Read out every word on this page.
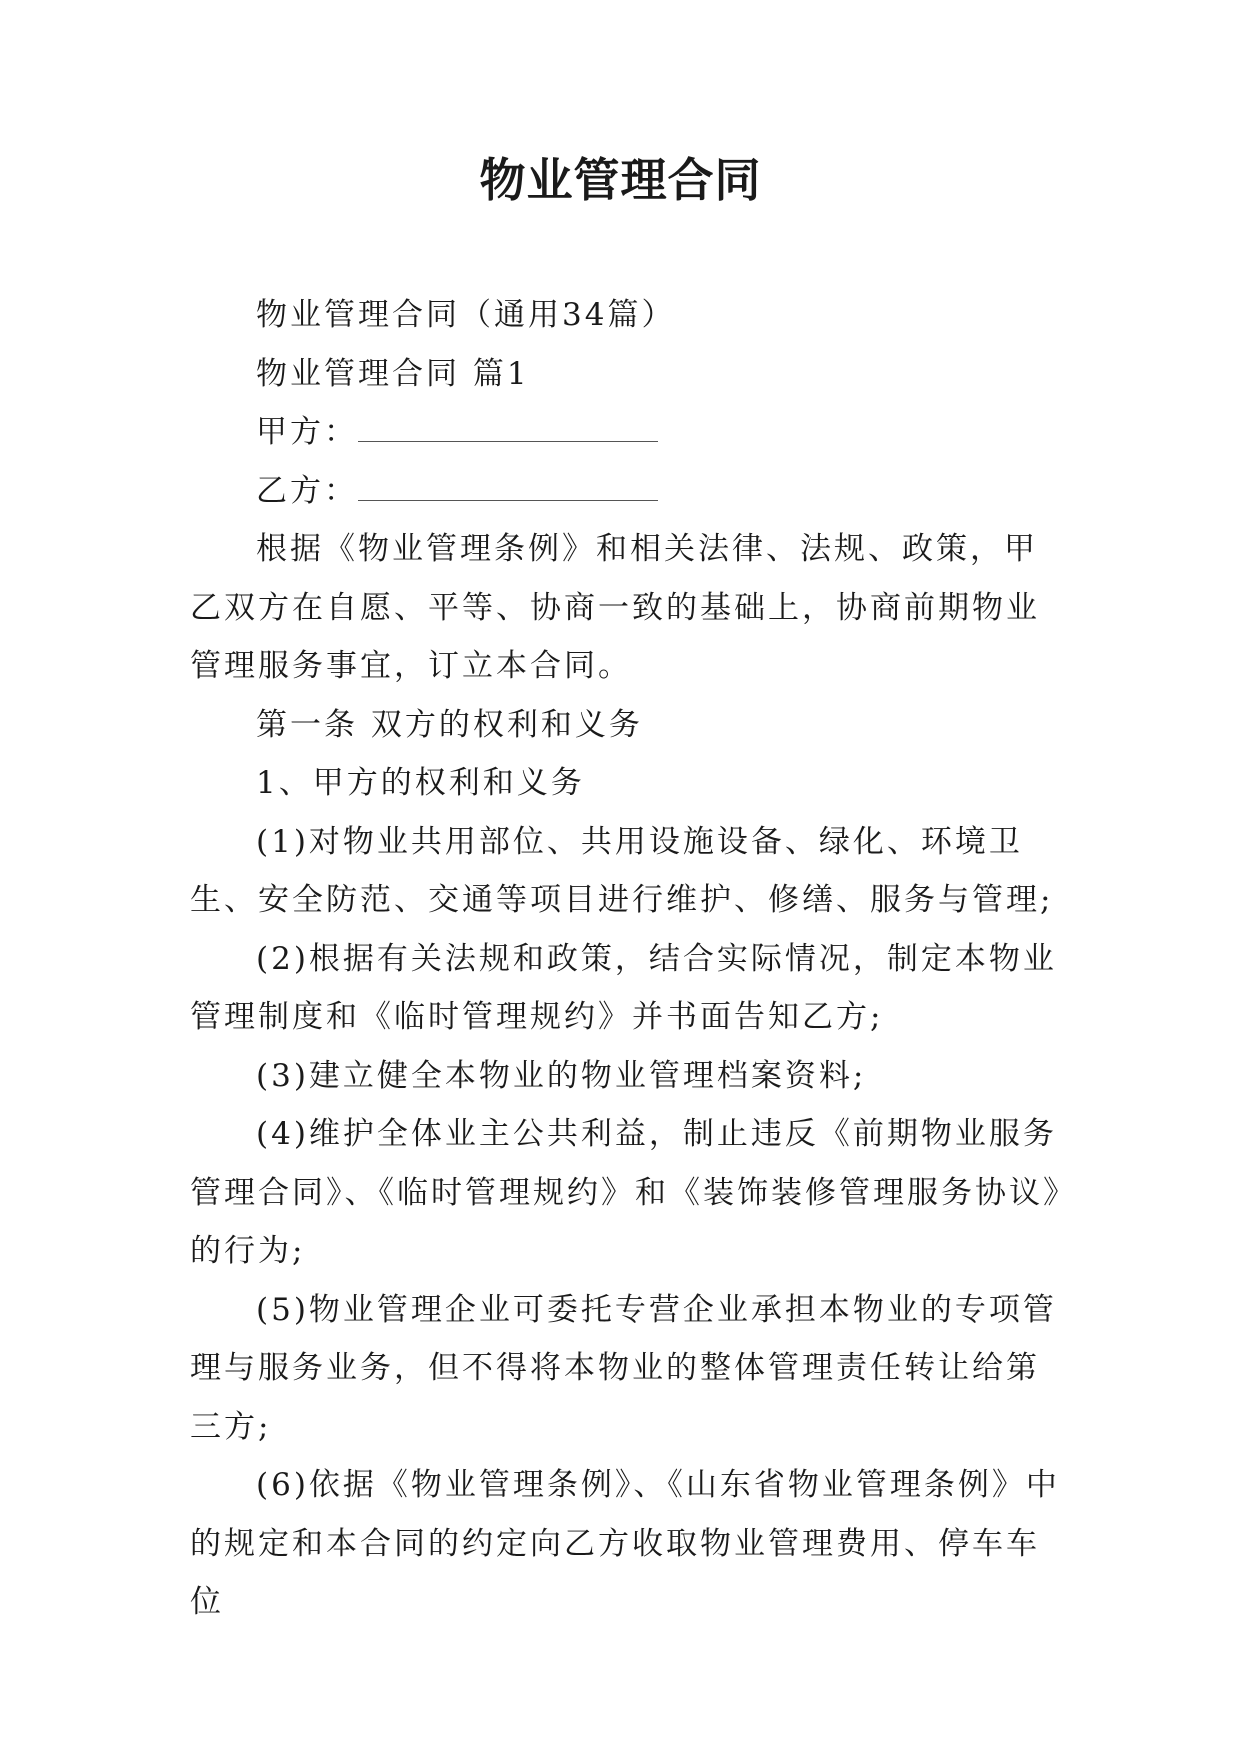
物业管理合同

物业管理合同（通用34篇）

物业管理合同 篇1

甲方：

乙方：

根据《物业管理条例》和相关法律、法规、政策，甲乙双方在自愿、平等、协商一致的基础上，协商前期物业管理服务事宜，订立本合同。

第一条 双方的权利和义务

1、甲方的权利和义务

(1)对物业共用部位、共用设施设备、绿化、环境卫生、安全防范、交通等项目进行维护、修缮、服务与管理;

(2)根据有关法规和政策，结合实际情况，制定本物业管理制度和《临时管理规约》并书面告知乙方;

(3)建立健全本物业的物业管理档案资料;

(4)维护全体业主公共利益，制止违反《前期物业服务管理合同》、《临时管理规约》和《装饰装修管理服务协议》的行为;

(5)物业管理企业可委托专营企业承担本物业的专项管理与服务业务，但不得将本物业的整体管理责任转让给第三方;

(6)依据《物业管理条例》、《山东省物业管理条例》中的规定和本合同的约定向乙方收取物业管理费用、停车车位
